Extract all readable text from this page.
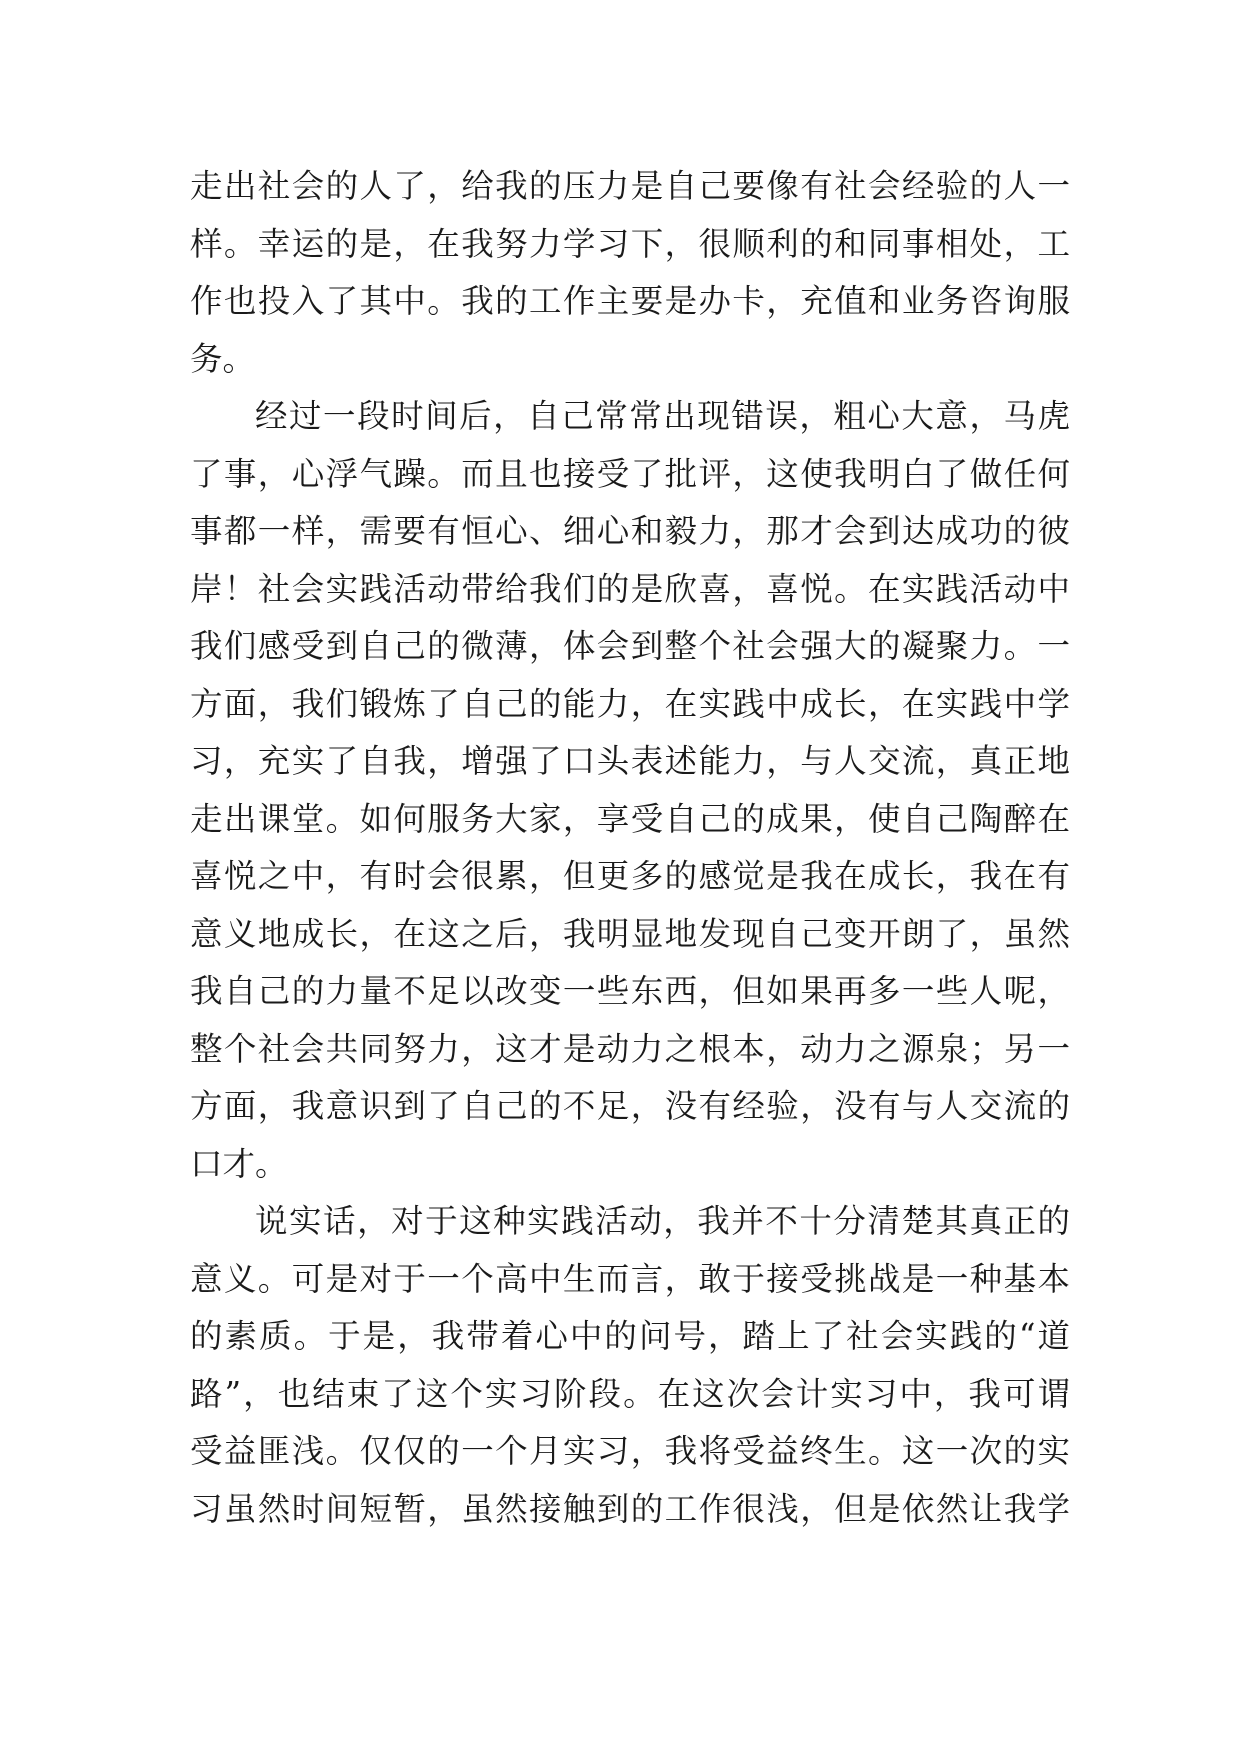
走出社会的人了，给我的压力是自己要像有社会经验的人一
样。幸运的是，在我努力学习下，很顺利的和同事相处，工
作也投入了其中。我的工作主要是办卡，充值和业务咨询服
务。
经过一段时间后，自己常常出现错误，粗心大意，马虎
了事，心浮气躁。而且也接受了批评，这使我明白了做任何
事都一样，需要有恒心、细心和毅力，那才会到达成功的彼
岸！社会实践活动带给我们的是欣喜，喜悦。在实践活动中
我们感受到自己的微薄，体会到整个社会强大的凝聚力。一
方面，我们锻炼了自己的能力，在实践中成长，在实践中学
习，充实了自我，增强了口头表述能力，与人交流，真正地
走出课堂。如何服务大家，享受自己的成果，使自己陶醉在
喜悦之中，有时会很累，但更多的感觉是我在成长，我在有
意义地成长，在这之后，我明显地发现自己变开朗了，虽然
我自己的力量不足以改变一些东西，但如果再多一些人呢，
整个社会共同努力，这才是动力之根本，动力之源泉；另一
方面，我意识到了自己的不足，没有经验，没有与人交流的
口才。
说实话，对于这种实践活动，我并不十分清楚其真正的
意义。可是对于一个高中生而言，敢于接受挑战是一种基本
的素质。于是，我带着心中的问号，踏上了社会实践的“道
路”，也结束了这个实习阶段。在这次会计实习中，我可谓
受益匪浅。仅仅的一个月实习，我将受益终生。这一次的实
习虽然时间短暂，虽然接触到的工作很浅，但是依然让我学
